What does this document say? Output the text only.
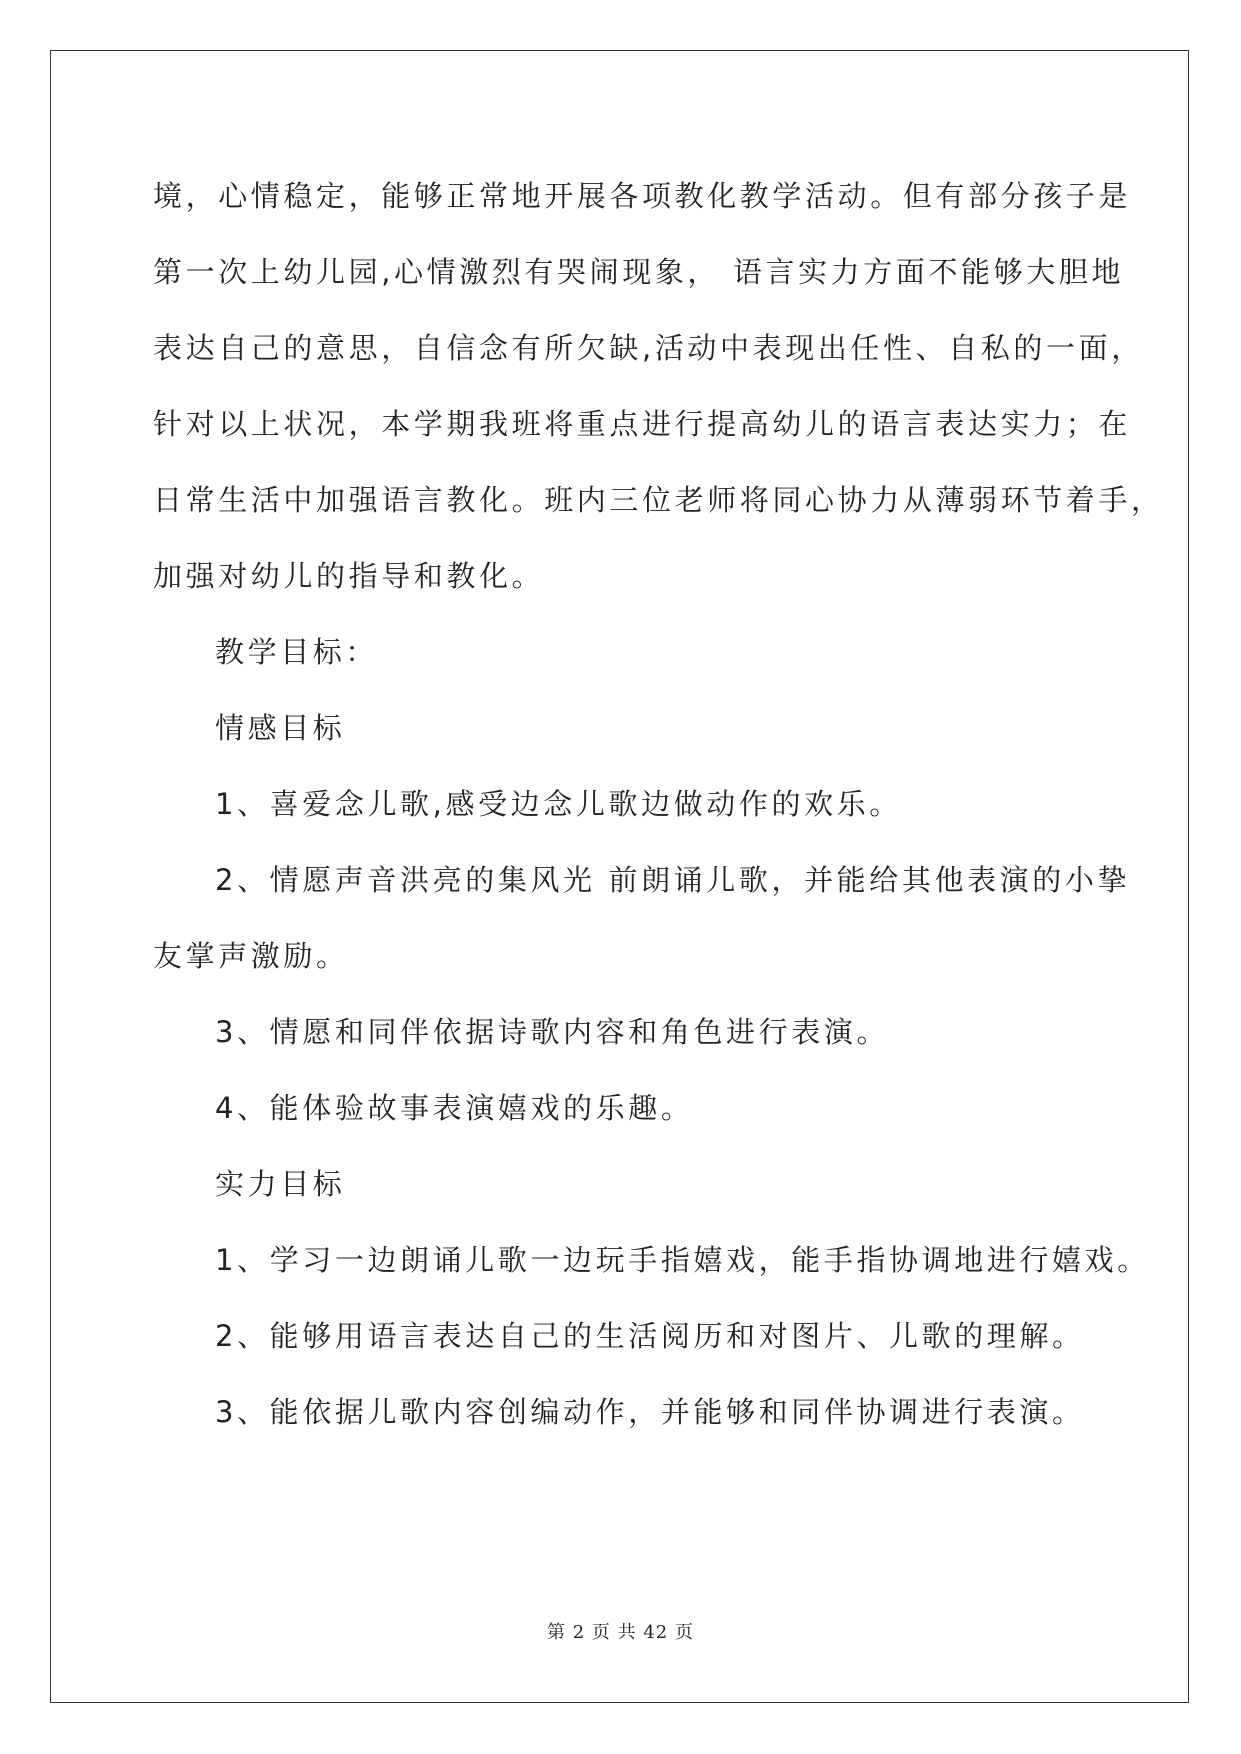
境，心情稳定，能够正常地开展各项教化教学活动。但有部分孩子是
第一次上幼儿园,心情激烈有哭闹现象， 语言实力方面不能够大胆地
表达自己的意思，自信念有所欠缺,活动中表现出任性、自私的一面，
针对以上状况，本学期我班将重点进行提高幼儿的语言表达实力；在
日常生活中加强语言教化。班内三位老师将同心协力从薄弱环节着手，
加强对幼儿的指导和教化。
教学目标：
情感目标
1、喜爱念儿歌,感受边念儿歌边做动作的欢乐。
2、情愿声音洪亮的集风光 前朗诵儿歌，并能给其他表演的小挚
友掌声激励。
3、情愿和同伴依据诗歌内容和角色进行表演。
4、能体验故事表演嬉戏的乐趣。
实力目标
1、学习一边朗诵儿歌一边玩手指嬉戏，能手指协调地进行嬉戏。
2、能够用语言表达自己的生活阅历和对图片、儿歌的理解。
3、能依据儿歌内容创编动作，并能够和同伴协调进行表演。
第 2 页 共 42 页
